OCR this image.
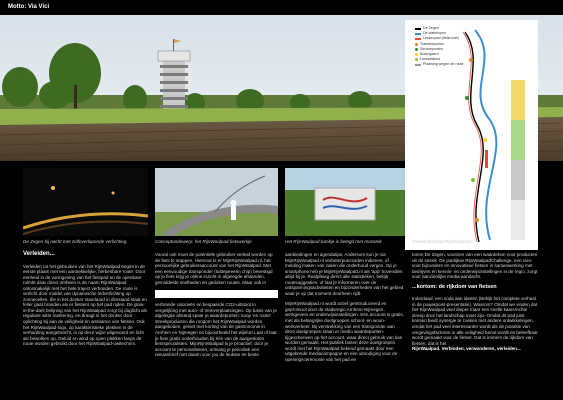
Motto: Via Vici
De Zegen
De waterlopen
Leskenpad (fietsroute)
Transferpunten
Servicepunten
Boomgaard
Leesstations
Plaatsing wegen de route
De Zegen bij nacht met zelfoverlopende verlichting.	Conceptondewerp: het RijnWaalpad-fietswerkje	Het RijnWaalpad-bankje is belegd met mozaïek.	Overzichtskaart RijnWaalpad
Verleiden...

Verleiden tot het gebruiken van het RijnWaalpad begint in de eerste plaats met een aantrekkelijke, herkenbare route. Door eenheid in de vormgeving van het fietspad en de openbare ruimte daar direct omheen is de naam RijnWaalpad onlosmakelijk met het hele traject verbonden. De route is verlicht door middel van dynamische ledverlichting op zonnecellen, die in het donker standaard in dimstand staat en feller gaat branden als er fietsers op het pad rijden. De glow-in-the-dark belijning van het RijnWaalpad zorgt bij daglicht als regulaire witte markering, en draagt in het donker door oplichting bij aan de veiligheid en ambiance van fietsen. Ook het RijnWaalpad-logo, op karakteristieke plekken in de verharding aangebracht, is op deze wijze uitgevoerd en licht als bewolken op. Geluid en wind op open plekken langs de route worden gebruikt door het RijnWaalpad-uwitechnm.

Vooral ook moet de potentiële gebruiker verleid worden op de fiets te stappen. Hiervoor is er MijnRijnWaalpad.nl, het persoonlijke gebruikersaccount van het RijnWaalpad. Met een eenvoudige transponder (tuittepeeerin chip) bevestigd op je fiets krijg je online inzicht in afgelegde afstanden, gemiddelde snelheden en gedoken routes. Maar ook in

verbrande calorieën en bespaarde CO2-uitstoot in vergelijking met auto- of treinverplaatsingen. Op basis van je afgelegde afstand spaar je waardepunten: koop 'en route' streekproducten die rondom het RijnWaalpad worden aangeboden, geniet met korting van de gastronomie in Arnhem en Nijmegen en bijvoorbeeld het wijsfort.Laat of laat je fiets gratis onderhouden bij één van de aangesloten fietsspecialisten. MijnRijnWaalpad is je proactief: door je account te personaliseren, ontvang je periodiek een nieuwsbrief met daarin voor jou de leukste en beste

aanbiedingen en agendatips. Andersom kun je via MijnRijnWaalpad.nl verbeterpunctoiden indienen, of melding maken van zaken die onderhoud vergen. Op je smartphone heb je MijnRijnWaalpad.nl als 'app' bovendien altijd bij je. Realpfeiag direct alle statistieken, bekijk routesuggesties, of laat je informeren over de ontspanningsactiviteiten en bijzonderheden van het gebied waar je op dat moment doorheen rijdt.

MijnRijnWaalpad.nl wordt actief geïntroduceerd en gepromoot door de stadsregio Arnhem-Nijmegen, werkgevers en onderwijsinstellingen. Een account is gratis, met als belangrijke doelgroepen school- en woon-werkverkeer. Bij verstrekking van een transponder aan deze doelgroepen staan er medio waardepunten-tijgescheneen op het account, waar direct gebruik van kan worden gemaakt. Het publiek buiten deze doelgroepen wordt met het RijnWaalpad bekend gemaakt door een uitgebreide mediacampagne en een uitnodiging voor de openingsceremonie van het pad en

tonen De Zegen, voorzien van een waardebon voor producten uit de streek. De jaarlijkse RijnWaalpadChallenge, een race voor bijzondere en innovatieve fietsen in samenwerking met bedrijven en kennis- en onderwijsinstellingen in de regio, zorgt voor aanzienlijke media-aandacht.

...kortom: de rijkdom van fietsen

Inderdaad, een soda aan ideeën (Bekijk het complete verhaal in de powerpoint-presentatie). Waarom? Omdat we vinden dat het RijnWaalpad veel dieper maar een snelle kaarsrechte streep door het landschap moet zijn. Omdat dit pad juist kansen biedt synergie te zoeken met andere ontwikkelingen, omdat het pad veel interessanter wordt als de polaritie van omgevingsfactoren in alle veiligheid benut wordt en beleefbaar wordt gemaakt voor de fietser. Dat is immers de rijkdom van fietsen, dat is het

RijnWaalpad. Verbinden, verwonderen, verleiden...
